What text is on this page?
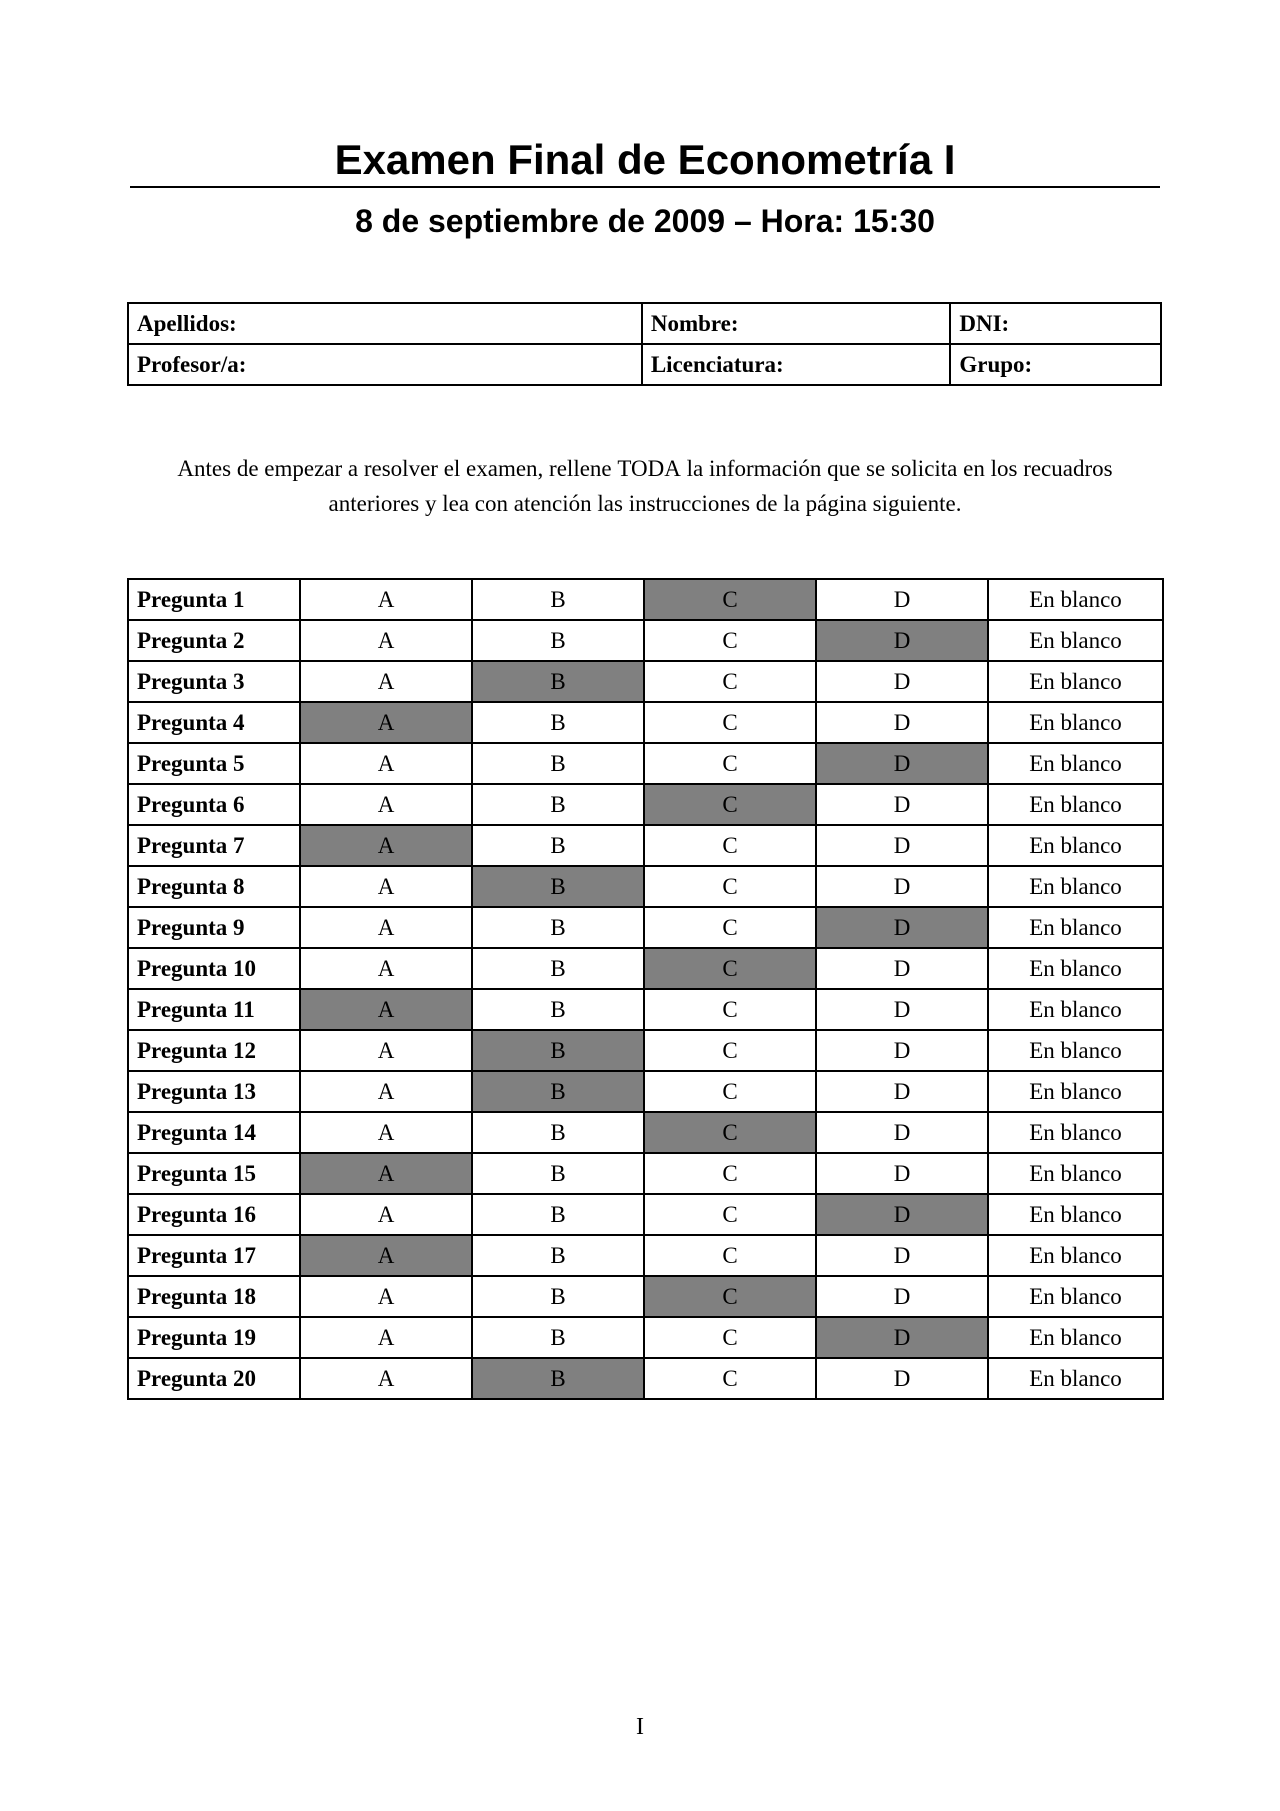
Examen Final de Econometría I
8 de septiembre de 2009 – Hora: 15:30
Apellidos:	Nombre:	DNI:
Profesor/a:	Licenciatura:	Grupo:
Antes de empezar a resolver el examen, rellene TODA la información que se solicita en los recuadros anteriores y lea con atención las instrucciones de la página siguiente.
Pregunta 1	A	B	C	D	En blanco
Pregunta 2	A	B	C	D	En blanco
Pregunta 3	A	B	C	D	En blanco
Pregunta 4	A	B	C	D	En blanco
Pregunta 5	A	B	C	D	En blanco
Pregunta 6	A	B	C	D	En blanco
Pregunta 7	A	B	C	D	En blanco
Pregunta 8	A	B	C	D	En blanco
Pregunta 9	A	B	C	D	En blanco
Pregunta 10	A	B	C	D	En blanco
Pregunta 11	A	B	C	D	En blanco
Pregunta 12	A	B	C	D	En blanco
Pregunta 13	A	B	C	D	En blanco
Pregunta 14	A	B	C	D	En blanco
Pregunta 15	A	B	C	D	En blanco
Pregunta 16	A	B	C	D	En blanco
Pregunta 17	A	B	C	D	En blanco
Pregunta 18	A	B	C	D	En blanco
Pregunta 19	A	B	C	D	En blanco
Pregunta 20	A	B	C	D	En blanco
I
